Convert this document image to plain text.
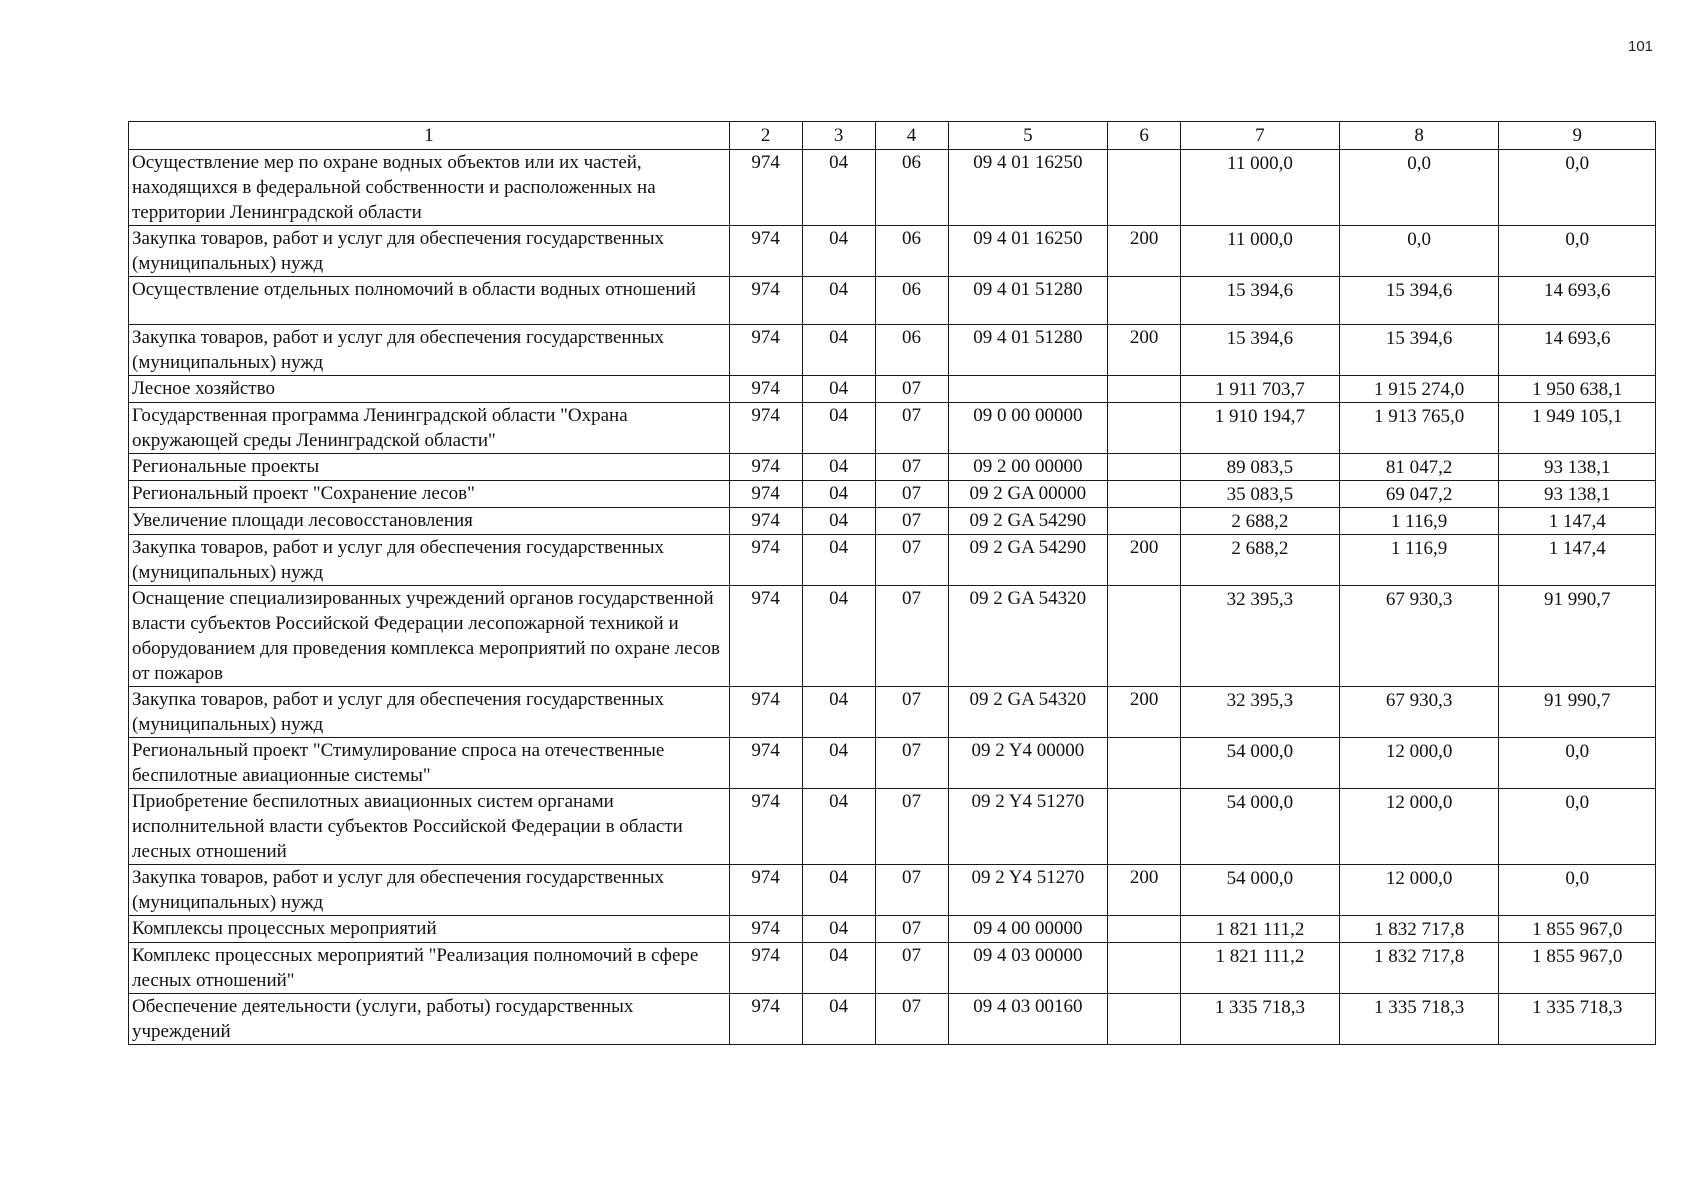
101
1	2	3	4	5	6	7	8	9
Осуществление мер по охране водных объектов или их частей, находящихся в федеральной собственности и расположенных на территории Ленинградской области	974	04	06	09 4 01 16250		11 000,0	0,0	0,0
Закупка товаров, работ и услуг для обеспечения государственных (муниципальных) нужд	974	04	06	09 4 01 16250	200	11 000,0	0,0	0,0
Осуществление отдельных полномочий в области водных отношений	974	04	06	09 4 01 51280		15 394,6	15 394,6	14 693,6
Закупка товаров, работ и услуг для обеспечения государственных (муниципальных) нужд	974	04	06	09 4 01 51280	200	15 394,6	15 394,6	14 693,6
Лесное хозяйство	974	04	07			1 911 703,7	1 915 274,0	1 950 638,1
Государственная программа Ленинградской области "Охрана окружающей среды Ленинградской области"	974	04	07	09 0 00 00000		1 910 194,7	1 913 765,0	1 949 105,1
Региональные проекты	974	04	07	09 2 00 00000		89 083,5	81 047,2	93 138,1
Региональный проект "Сохранение лесов"	974	04	07	09 2 GA 00000		35 083,5	69 047,2	93 138,1
Увеличение площади лесовосстановления	974	04	07	09 2 GA 54290		2 688,2	1 116,9	1 147,4
Закупка товаров, работ и услуг для обеспечения государственных (муниципальных) нужд	974	04	07	09 2 GA 54290	200	2 688,2	1 116,9	1 147,4
Оснащение специализированных учреждений органов государственной власти субъектов Российской Федерации лесопожарной техникой и оборудованием для проведения комплекса мероприятий по охране лесов от пожаров	974	04	07	09 2 GA 54320		32 395,3	67 930,3	91 990,7
Закупка товаров, работ и услуг для обеспечения государственных (муниципальных) нужд	974	04	07	09 2 GA 54320	200	32 395,3	67 930,3	91 990,7
Региональный проект "Стимулирование спроса на отечественные беспилотные авиационные системы"	974	04	07	09 2 Y4 00000		54 000,0	12 000,0	0,0
Приобретение беспилотных авиационных систем органами исполнительной власти субъектов Российской Федерации в области лесных отношений	974	04	07	09 2 Y4 51270		54 000,0	12 000,0	0,0
Закупка товаров, работ и услуг для обеспечения государственных (муниципальных) нужд	974	04	07	09 2 Y4 51270	200	54 000,0	12 000,0	0,0
Комплексы процессных мероприятий	974	04	07	09 4 00 00000		1 821 111,2	1 832 717,8	1 855 967,0
Комплекс процессных мероприятий "Реализация полномочий в сфере лесных отношений"	974	04	07	09 4 03 00000		1 821 111,2	1 832 717,8	1 855 967,0
Обеспечение деятельности (услуги, работы) государственных учреждений	974	04	07	09 4 03 00160		1 335 718,3	1 335 718,3	1 335 718,3
